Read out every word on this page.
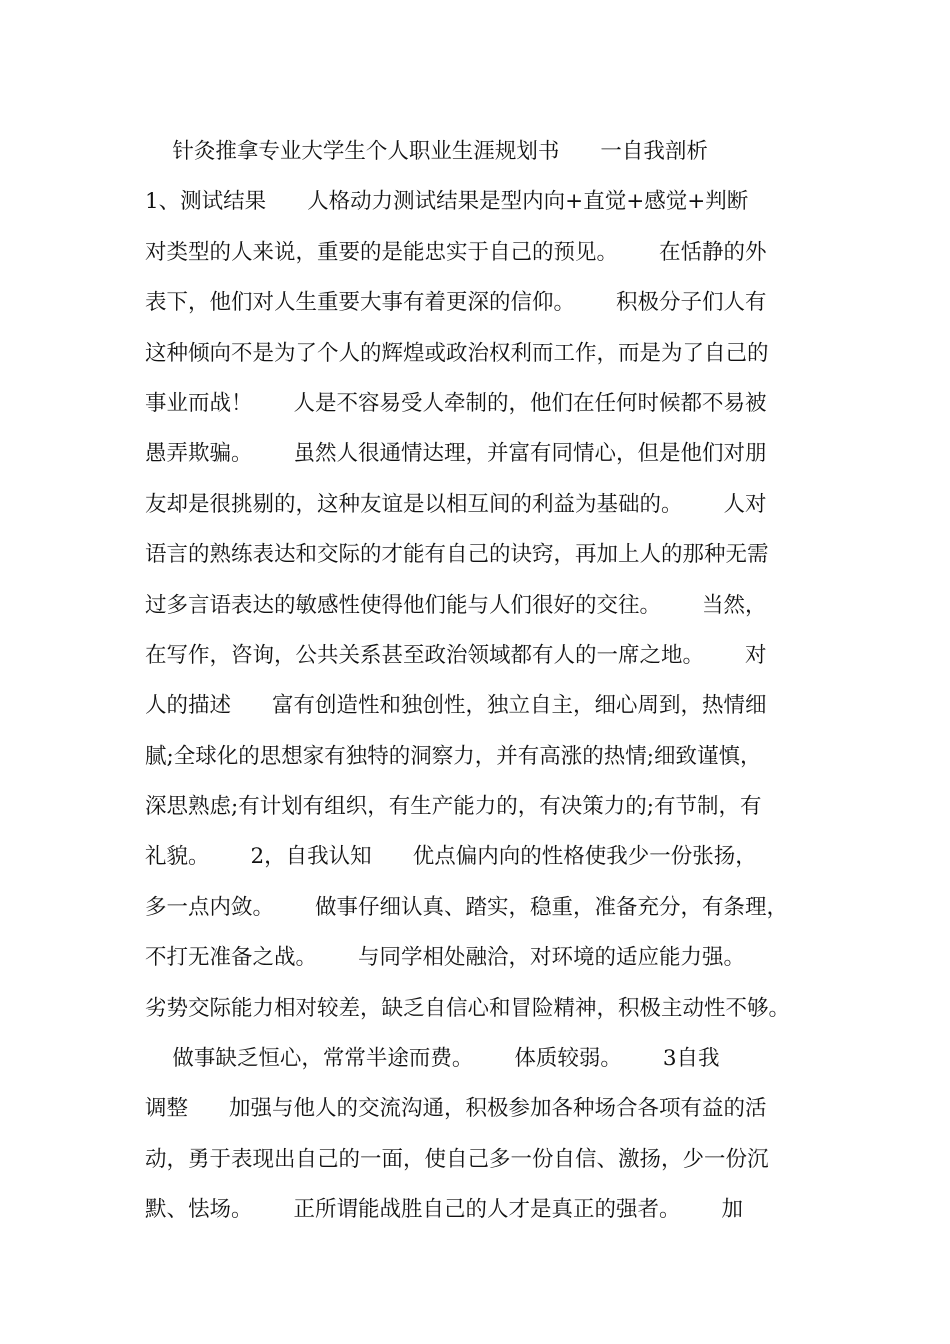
针灸推拿专业大学生个人职业生涯规划书      一自我剖析
1、测试结果      人格动力测试结果是型内向+直觉+感觉+判断
对类型的人来说，重要的是能忠实于自己的预见。      在恬静的外
表下，他们对人生重要大事有着更深的信仰。      积极分子们人有
这种倾向不是为了个人的辉煌或政治权利而工作，而是为了自己的
事业而战！      人是不容易受人牵制的，他们在任何时候都不易被
愚弄欺骗。      虽然人很通情达理，并富有同情心，但是他们对朋
友却是很挑剔的，这种友谊是以相互间的利益为基础的。      人对
语言的熟练表达和交际的才能有自己的诀窍，再加上人的那种无需
过多言语表达的敏感性使得他们能与人们很好的交往。      当然，
在写作，咨询，公共关系甚至政治领域都有人的一席之地。      对
人的描述      富有创造性和独创性，独立自主，细心周到，热情细
腻;全球化的思想家有独特的洞察力，并有高涨的热情;细致谨慎，
深思熟虑;有计划有组织，有生产能力的，有决策力的;有节制，有
礼貌。      2，自我认知      优点偏内向的性格使我少一份张扬，
多一点内敛。      做事仔细认真、踏实，稳重，准备充分，有条理，
不打无准备之战。      与同学相处融洽，对环境的适应能力强。
劣势交际能力相对较差，缺乏自信心和冒险精神，积极主动性不够。
做事缺乏恒心，常常半途而费。      体质较弱。      3自我
调整      加强与他人的交流沟通，积极参加各种场合各项有益的活
动，勇于表现出自己的一面，使自己多一份自信、激扬，少一份沉
默、怯场。      正所谓能战胜自己的人才是真正的强者。      加
